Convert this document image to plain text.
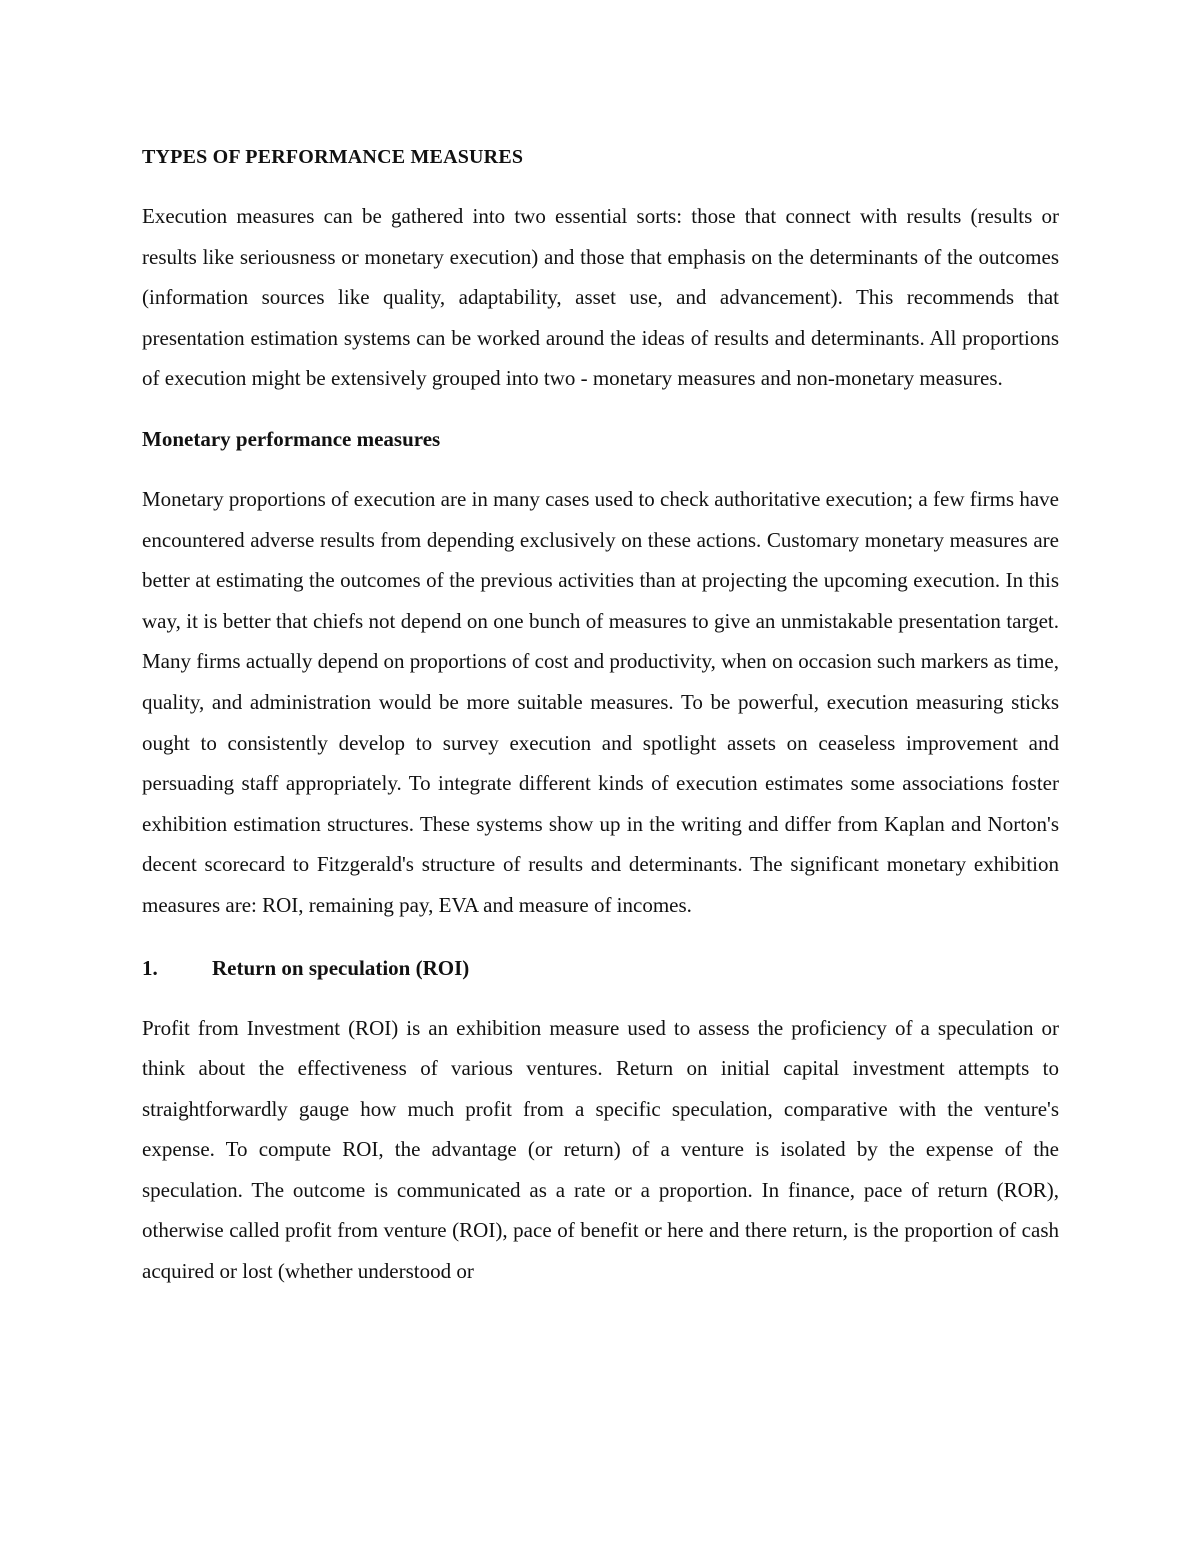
TYPES OF PERFORMANCE MEASURES

Execution measures can be gathered into two essential sorts: those that connect with results (results or results like seriousness or monetary execution) and those that emphasis on the determinants of the outcomes (information sources like quality, adaptability, asset use, and advancement). This recommends that presentation estimation systems can be worked around the ideas of results and determinants. All proportions of execution might be extensively grouped into two - monetary measures and non-monetary measures.

Monetary performance measures

Monetary proportions of execution are in many cases used to check authoritative execution; a few firms have encountered adverse results from depending exclusively on these actions. Customary monetary measures are better at estimating the outcomes of the previous activities than at projecting the upcoming execution. In this way, it is better that chiefs not depend on one bunch of measures to give an unmistakable presentation target. Many firms actually depend on proportions of cost and productivity, when on occasion such markers as time, quality, and administration would be more suitable measures. To be powerful, execution measuring sticks ought to consistently develop to survey execution and spotlight assets on ceaseless improvement and persuading staff appropriately. To integrate different kinds of execution estimates some associations foster exhibition estimation structures. These systems show up in the writing and differ from Kaplan and Norton's decent scorecard to Fitzgerald's structure of results and determinants. The significant monetary exhibition measures are: ROI, remaining pay, EVA and measure of incomes.

1.	Return on speculation (ROI)

Profit from Investment (ROI) is an exhibition measure used to assess the proficiency of a speculation or think about the effectiveness of various ventures. Return on initial capital investment attempts to straightforwardly gauge how much profit from a specific speculation, comparative with the venture's expense. To compute ROI, the advantage (or return) of a venture is isolated by the expense of the speculation. The outcome is communicated as a rate or a proportion. In finance, pace of return (ROR), otherwise called profit from venture (ROI), pace of benefit or here and there return, is the proportion of cash acquired or lost (whether understood or
